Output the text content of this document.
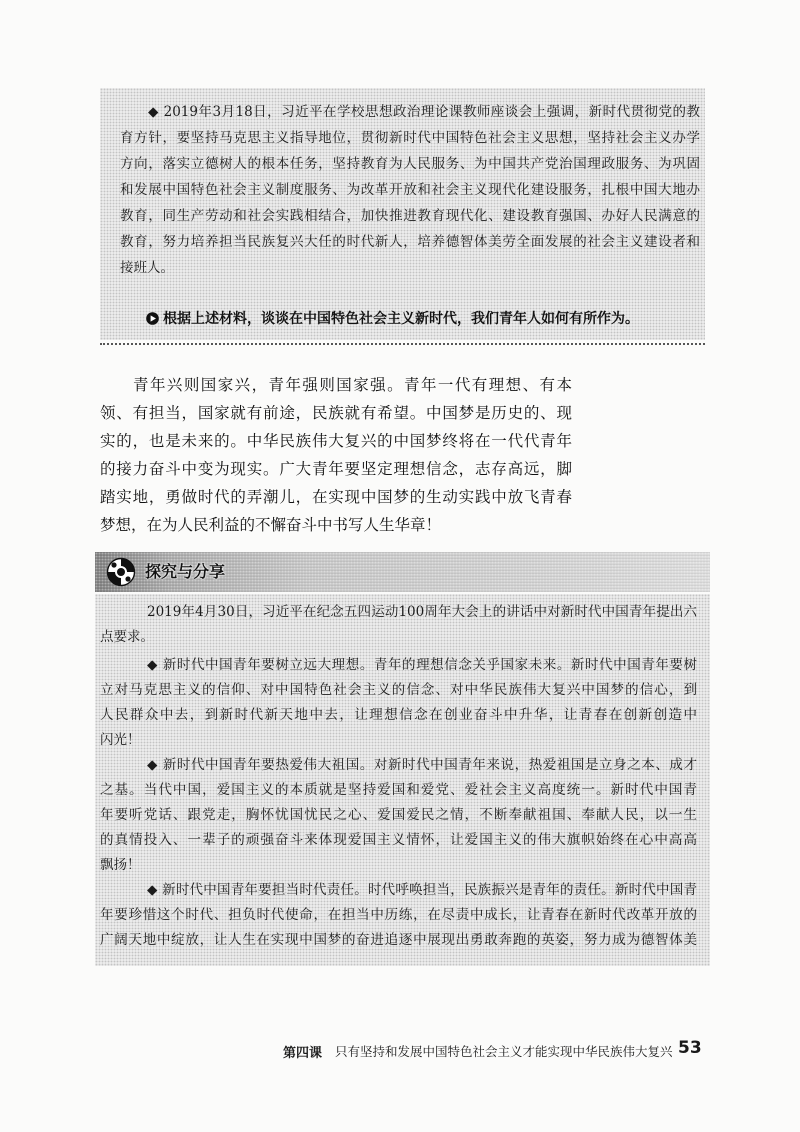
◆ 2019年3月18日，习近平在学校思想政治理论课教师座谈会上强调，新时代贯彻党的教
育方针，要坚持马克思主义指导地位，贯彻新时代中国特色社会主义思想，坚持社会主义办学
方向，落实立德树人的根本任务，坚持教育为人民服务、为中国共产党治国理政服务、为巩固
和发展中国特色社会主义制度服务、为改革开放和社会主义现代化建设服务，扎根中国大地办
教育，同生产劳动和社会实践相结合，加快推进教育现代化、建设教育强国、办好人民满意的
教育，努力培养担当民族复兴大任的时代新人，培养德智体美劳全面发展的社会主义建设者和
接班人。
根据上述材料，谈谈在中国特色社会主义新时代，我们青年人如何有所作为。
青年兴则国家兴，青年强则国家强。青年一代有理想、有本
领、有担当，国家就有前途，民族就有希望。中国梦是历史的、现
实的，也是未来的。中华民族伟大复兴的中国梦终将在一代代青年
的接力奋斗中变为现实。广大青年要坚定理想信念，志存高远，脚
踏实地，勇做时代的弄潮儿，在实现中国梦的生动实践中放飞青春
梦想，在为人民利益的不懈奋斗中书写人生华章！
探究与分享
2019年4月30日，习近平在纪念五四运动100周年大会上的讲话中对新时代中国青年提出六
点要求。
◆ 新时代中国青年要树立远大理想。青年的理想信念关乎国家未来。新时代中国青年要树
立对马克思主义的信仰、对中国特色社会主义的信念、对中华民族伟大复兴中国梦的信心，到
人民群众中去，到新时代新天地中去，让理想信念在创业奋斗中升华，让青春在创新创造中
闪光！
◆ 新时代中国青年要热爱伟大祖国。对新时代中国青年来说，热爱祖国是立身之本、成才
之基。当代中国，爱国主义的本质就是坚持爱国和爱党、爱社会主义高度统一。新时代中国青
年要听党话、跟党走，胸怀忧国忧民之心、爱国爱民之情，不断奉献祖国、奉献人民，以一生
的真情投入、一辈子的顽强奋斗来体现爱国主义情怀，让爱国主义的伟大旗帜始终在心中高高
飘扬！
◆ 新时代中国青年要担当时代责任。时代呼唤担当，民族振兴是青年的责任。新时代中国青
年要珍惜这个时代、担负时代使命，在担当中历练，在尽责中成长，让青春在新时代改革开放的
广阔天地中绽放，让人生在实现中国梦的奋进追逐中展现出勇敢奔跑的英姿，努力成为德智体美
第四课 只有坚持和发展中国特色社会主义才能实现中华民族伟大复兴 53
